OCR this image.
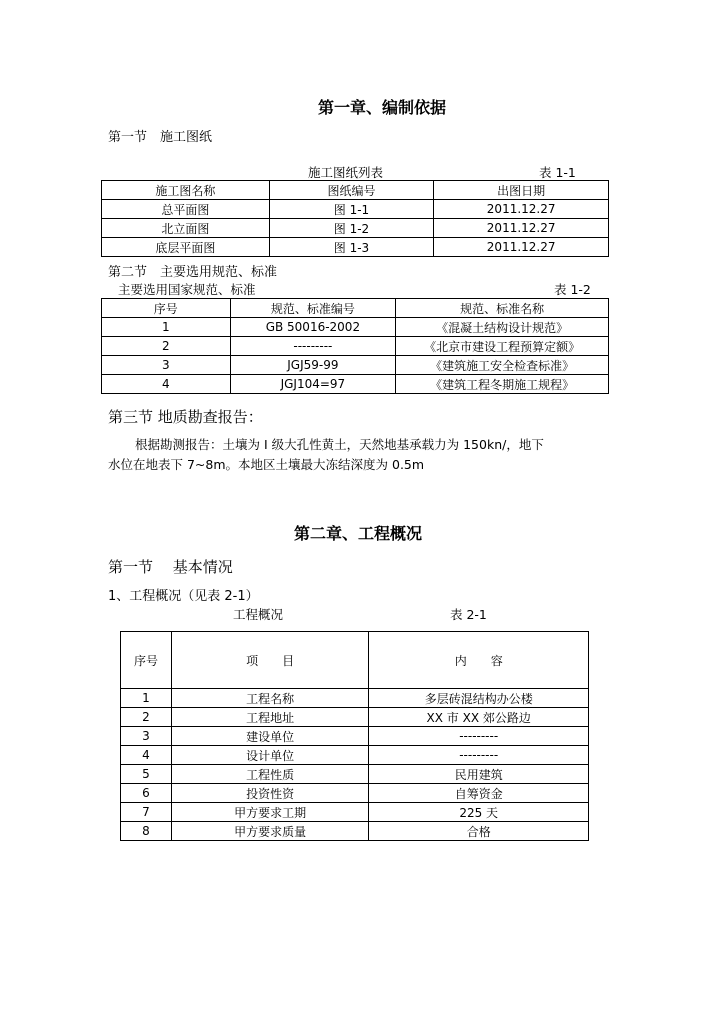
第一章、编制依据
第一节　施工图纸
施工图纸列表	表 1-1
施工图名称	图纸编号	出图日期
总平面图	图 1-1	2011.12.27
北立面图	图 1-2	2011.12.27
底层平面图	图 1-3	2011.12.27
第二节　主要选用规范、标准
主要选用国家规范、标准	表 1-2
序号	规范、标准编号	规范、标准名称
1	GB 50016-2002	《混凝土结构设计规范》
2	---------	《北京市建设工程预算定额》
3	JGJ59-99	《建筑施工安全检查标准》
4	JGJ104=97	《建筑工程冬期施工规程》
第三节 地质勘查报告：
根据勘测报告：土壤为 I 级大孔性黄土，天然地基承载力为 150kn/，地下
水位在地表下 7~8m。本地区土壤最大冻结深度为 0.5m
第二章、工程概况
第一节　 基本情况
1、工程概况（见表 2-1）
工程概况	表 2-1
序号	项　　目	内　　容
1	工程名称	多层砖混结构办公楼
2	工程地址	XX 市 XX 郊公路边
3	建设单位	---------
4	设计单位	---------
5	工程性质	民用建筑
6	投资性资	自筹资金
7	甲方要求工期	225 天
8	甲方要求质量	合格
